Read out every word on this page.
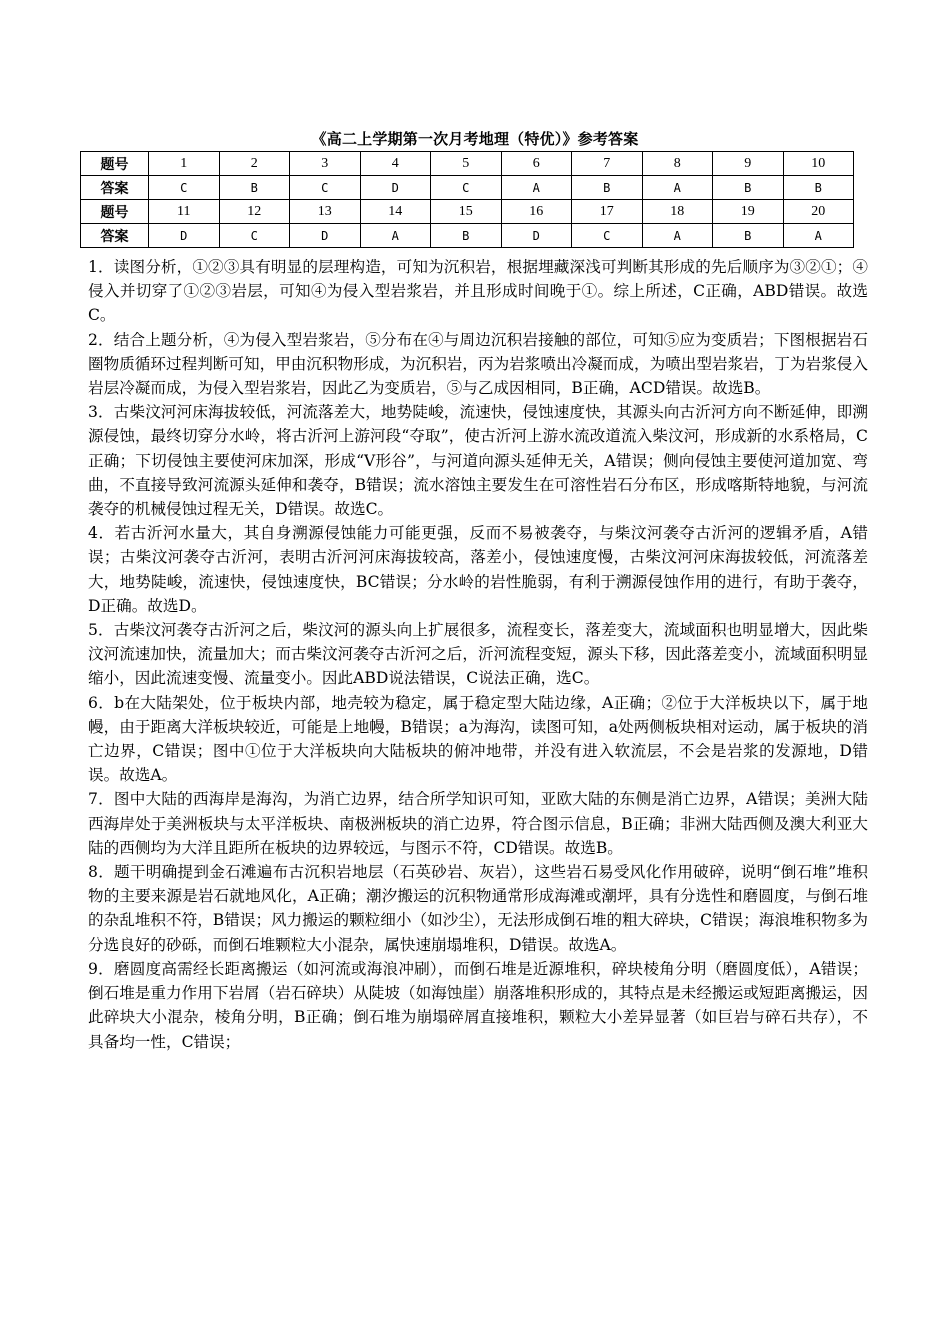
《高二上学期第一次月考地理（特优）》参考答案
题号	1	2	3	4	5	6	7	8	9	10
答案	C	B	C	D	C	A	B	A	B	B
题号	11	12	13	14	15	16	17	18	19	20
答案	D	C	D	A	B	D	C	A	B	A

1．读图分析，①②③具有明显的层理构造，可知为沉积岩，根据埋藏深浅可判断其形成的先后顺序为③②①；④侵入并切穿了①②③岩层，可知④为侵入型岩浆岩，并且形成时间晚于①。综上所述，C正确，ABD错误。故选C。

2．结合上题分析，④为侵入型岩浆岩，⑤分布在④与周边沉积岩接触的部位，可知⑤应为变质岩；下图根据岩石圈物质循环过程判断可知，甲由沉积物形成，为沉积岩，丙为岩浆喷出冷凝而成，为喷出型岩浆岩，丁为岩浆侵入岩层冷凝而成，为侵入型岩浆岩，因此乙为变质岩，⑤与乙成因相同，B正确，ACD错误。故选B。

3．古柴汶河河床海拔较低，河流落差大，地势陡峻，流速快，侵蚀速度快，其源头向古沂河方向不断延伸，即溯源侵蚀，最终切穿分水岭，将古沂河上游河段“夺取”，使古沂河上游水流改道流入柴汶河，形成新的水系格局，C正确；下切侵蚀主要使河床加深，形成“V形谷”，与河道向源头延伸无关，A错误；侧向侵蚀主要使河道加宽、弯曲，不直接导致河流源头延伸和袭夺，B错误；流水溶蚀主要发生在可溶性岩石分布区，形成喀斯特地貌，与河流袭夺的机械侵蚀过程无关，D错误。故选C。

4．若古沂河水量大，其自身溯源侵蚀能力可能更强，反而不易被袭夺，与柴汶河袭夺古沂河的逻辑矛盾，A错误；古柴汶河袭夺古沂河，表明古沂河河床海拔较高，落差小，侵蚀速度慢，古柴汶河河床海拔较低，河流落差大，地势陡峻，流速快，侵蚀速度快，BC错误；分水岭的岩性脆弱，有利于溯源侵蚀作用的进行，有助于袭夺，D正确。故选D。

5．古柴汶河袭夺古沂河之后，柴汶河的源头向上扩展很多，流程变长，落差变大，流域面积也明显增大，因此柴汶河流速加快，流量加大；而古柴汶河袭夺古沂河之后，沂河流程变短，源头下移，因此落差变小，流域面积明显缩小，因此流速变慢、流量变小。因此ABD说法错误，C说法正确，选C。

6．b在大陆架处，位于板块内部，地壳较为稳定，属于稳定型大陆边缘，A正确；②位于大洋板块以下，属于地幔，由于距离大洋板块较近，可能是上地幔，B错误；a为海沟，读图可知，a处两侧板块相对运动，属于板块的消亡边界，C错误；图中①位于大洋板块向大陆板块的俯冲地带，并没有进入软流层，不会是岩浆的发源地，D错误。故选A。

7．图中大陆的西海岸是海沟，为消亡边界，结合所学知识可知，亚欧大陆的东侧是消亡边界，A错误；美洲大陆西海岸处于美洲板块与太平洋板块、南极洲板块的消亡边界，符合图示信息，B正确；非洲大陆西侧及澳大利亚大陆的西侧均为大洋且距所在板块的边界较远，与图示不符，CD错误。故选B。

8．题干明确提到金石滩遍布古沉积岩地层（石英砂岩、灰岩），这些岩石易受风化作用破碎，说明“倒石堆”堆积物的主要来源是岩石就地风化，A正确；潮汐搬运的沉积物通常形成海滩或潮坪，具有分选性和磨圆度，与倒石堆的杂乱堆积不符，B错误；风力搬运的颗粒细小（如沙尘），无法形成倒石堆的粗大碎块，C错误；海浪堆积物多为分选良好的砂砾，而倒石堆颗粒大小混杂，属快速崩塌堆积，D错误。故选A。

9．磨圆度高需经长距离搬运（如河流或海浪冲刷），而倒石堆是近源堆积，碎块棱角分明（磨圆度低），A错误；倒石堆是重力作用下岩屑（岩石碎块）从陡坡（如海蚀崖）崩落堆积形成的，其特点是未经搬运或短距离搬运，因此碎块大小混杂，棱角分明，B正确；倒石堆为崩塌碎屑直接堆积，颗粒大小差异显著（如巨岩与碎石共存），不具备均一性，C错误；
